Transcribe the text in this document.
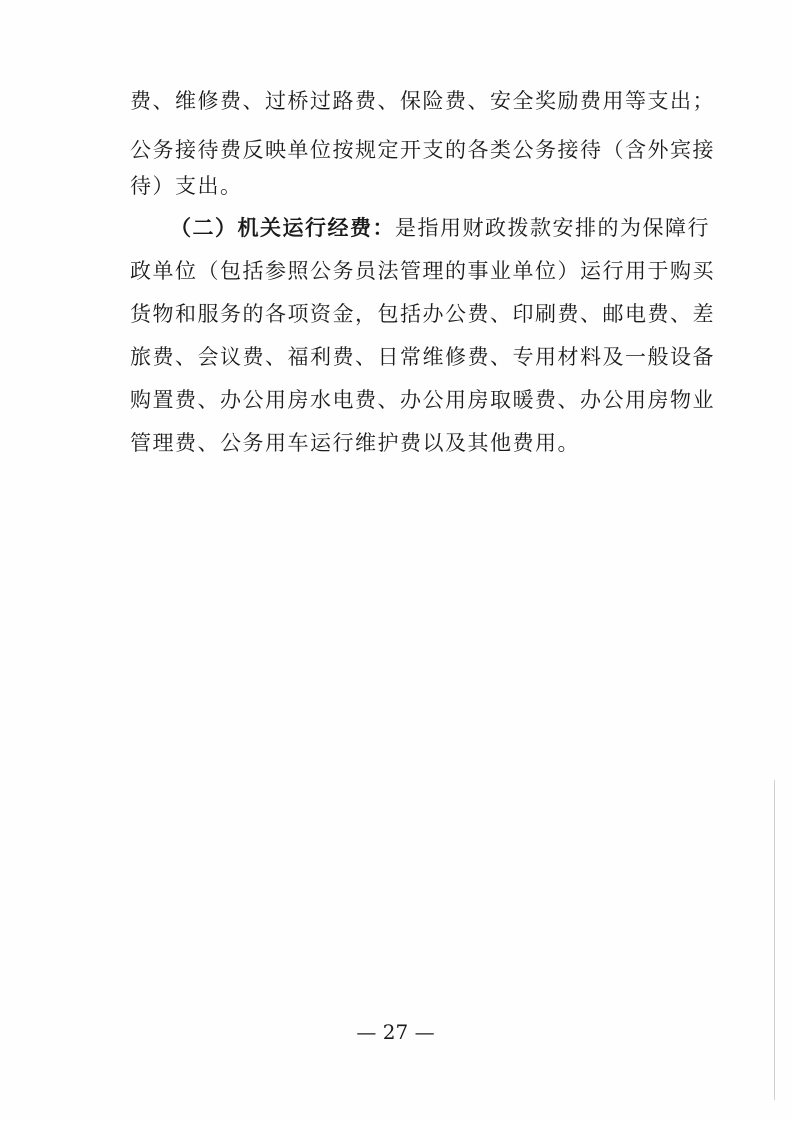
费、维修费、过桥过路费、保险费、安全奖励费用等支出；
公务接待费反映单位按规定开支的各类公务接待（含外宾接
待）支出。
（二）机关运行经费：是指用财政拨款安排的为保障行
政单位（包括参照公务员法管理的事业单位）运行用于购买
货物和服务的各项资金，包括办公费、印刷费、邮电费、差
旅费、会议费、福利费、日常维修费、专用材料及一般设备
购置费、办公用房水电费、办公用房取暖费、办公用房物业
管理费、公务用车运行维护费以及其他费用。
— 27 —
